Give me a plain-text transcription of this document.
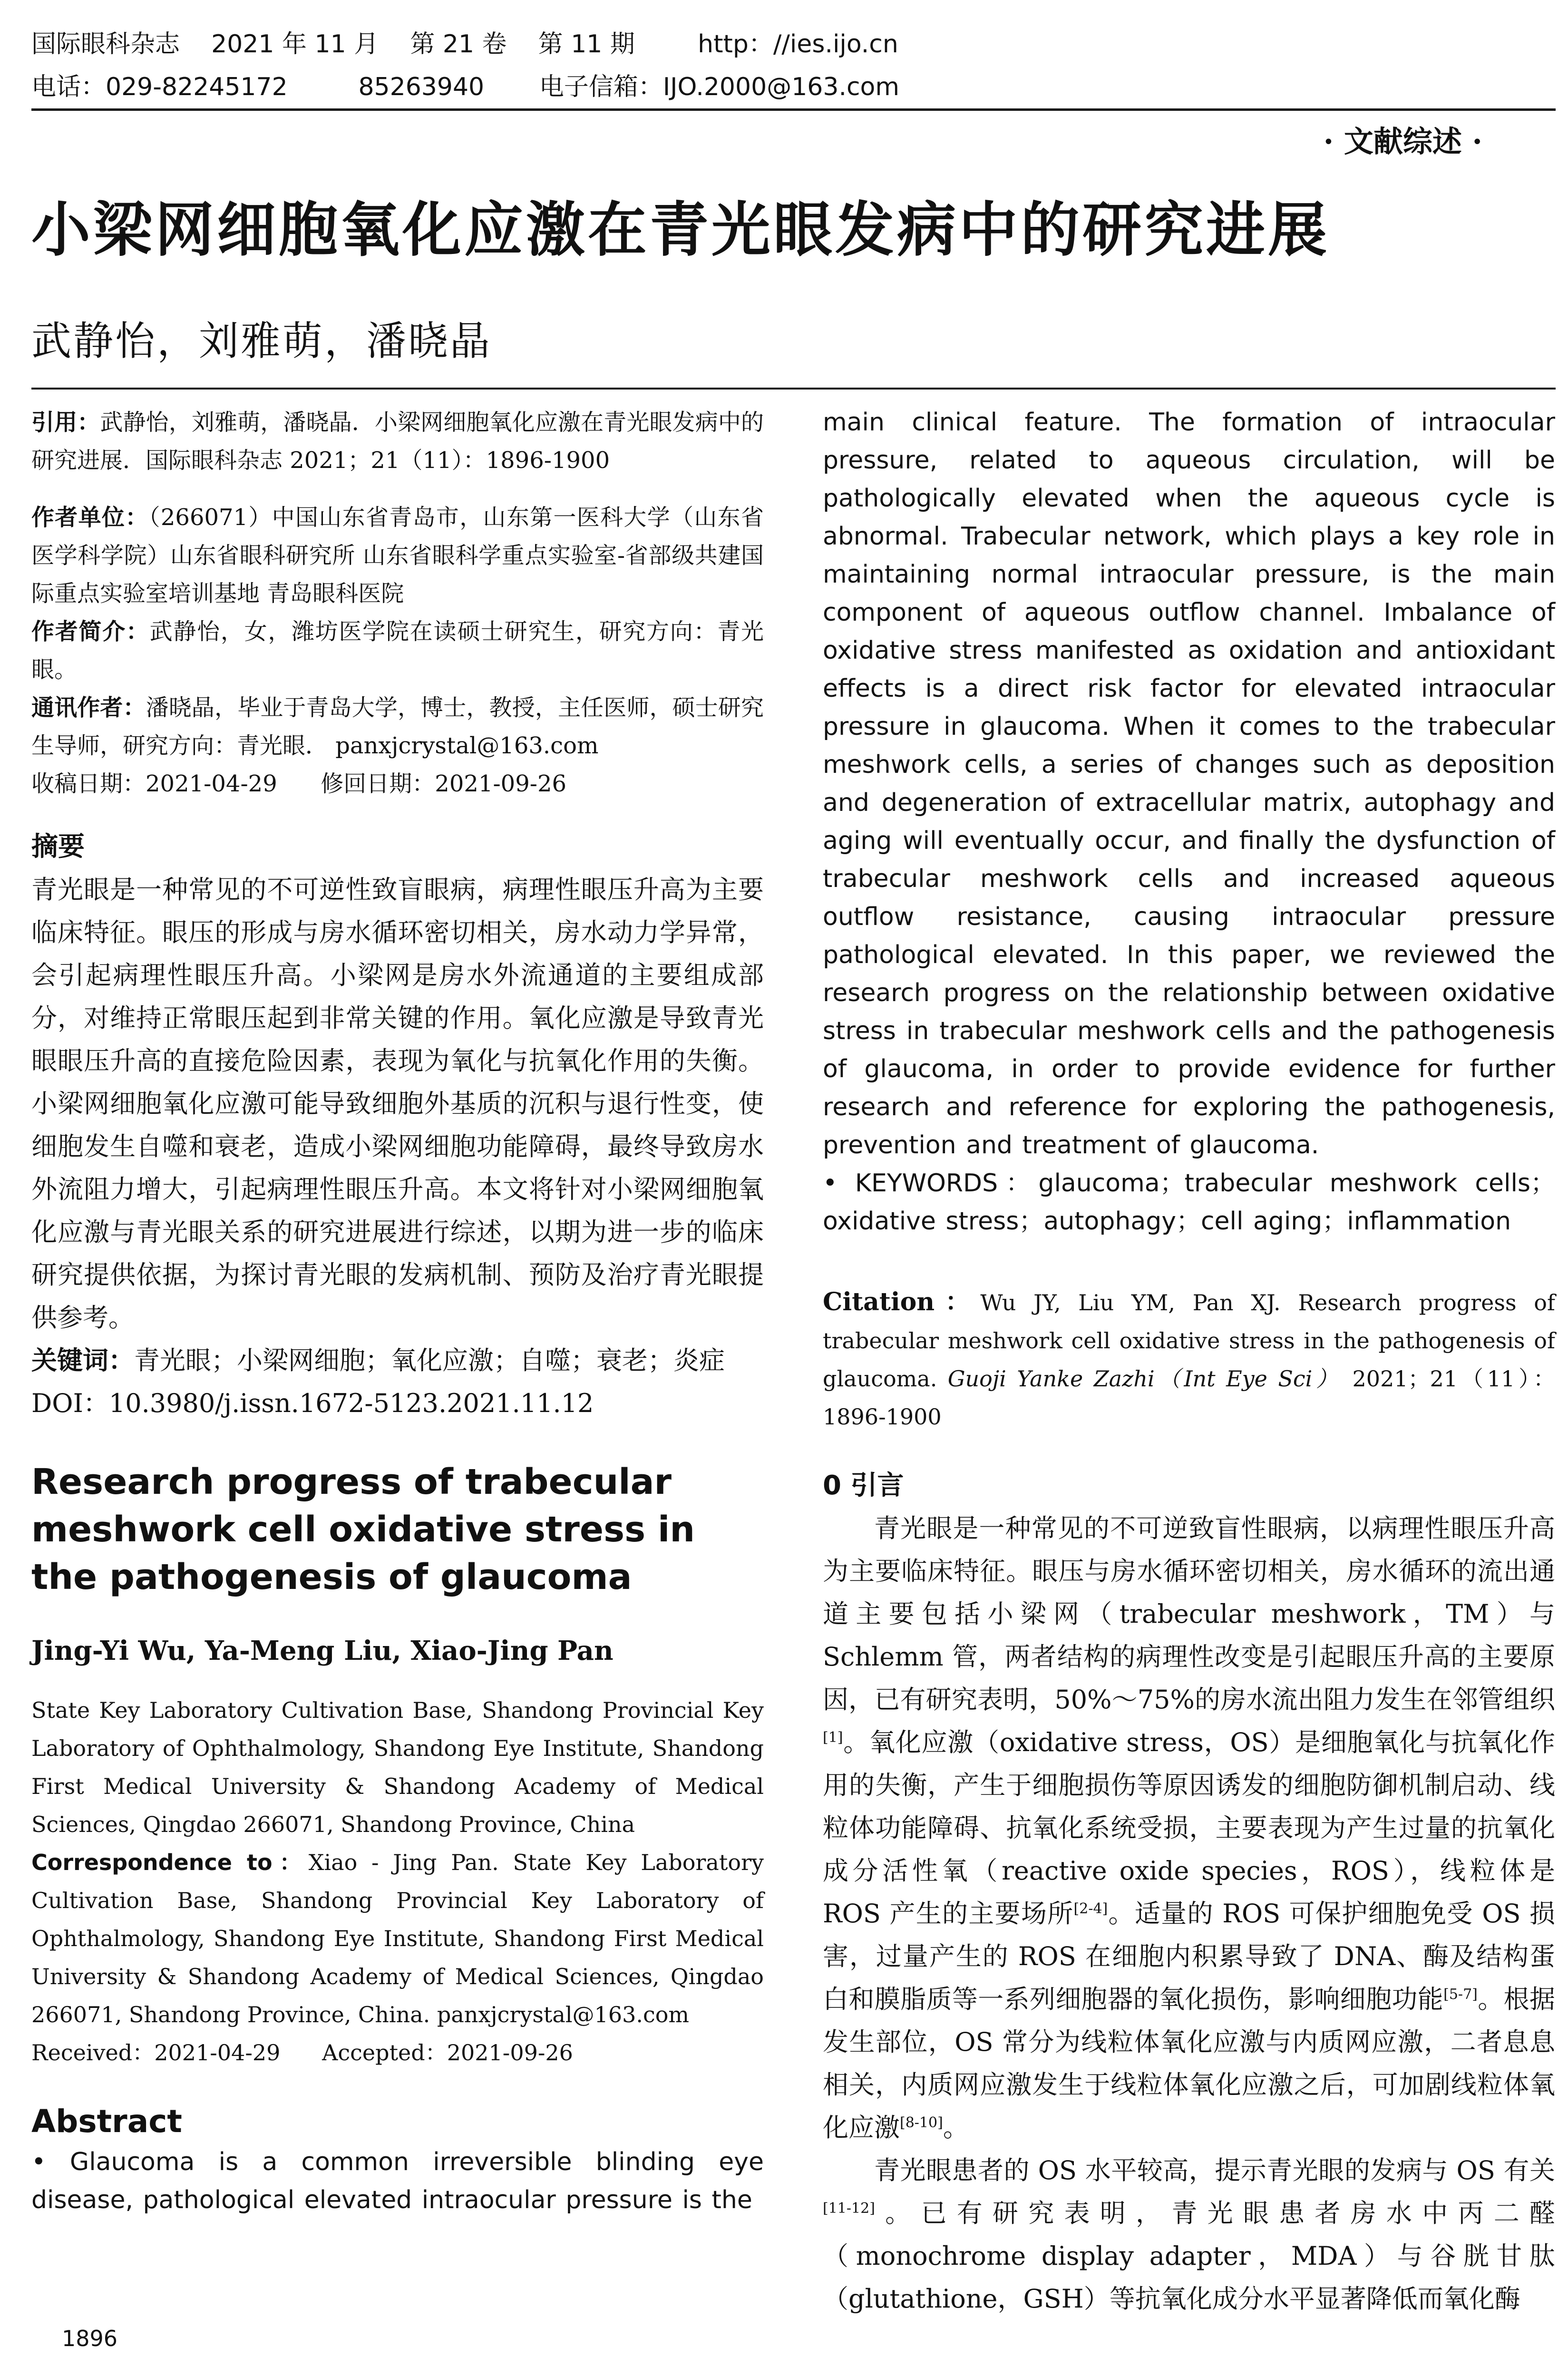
国际眼科杂志    2021 年 11 月    第 21 卷    第 11 期        http：//ies.ijo.cn
电话：029-82245172         85263940       电子信箱：IJO.2000@163.com
· 文献综述 ·
小梁网细胞氧化应激在青光眼发病中的研究进展
武静怡，刘雅萌，潘晓晶

引用：武静怡，刘雅萌，潘晓晶．小梁网细胞氧化应激在青光眼发病中的研究进展．国际眼科杂志 2021；21（11）：1896-1900

作者单位：（266071）中国山东省青岛市，山东第一医科大学（山东省医学科学院）山东省眼科研究所 山东省眼科学重点实验室-省部级共建国际重点实验室培训基地 青岛眼科医院

作者简介：武静怡，女，潍坊医学院在读硕士研究生，研究方向：青光眼。

通讯作者：潘晓晶，毕业于青岛大学，博士，教授，主任医师，硕士研究生导师，研究方向：青光眼． panxjcrystal@163.com

收稿日期：2021-04-29      修回日期：2021-09-26

摘要

青光眼是一种常见的不可逆性致盲眼病，病理性眼压升高为主要临床特征。眼压的形成与房水循环密切相关，房水动力学异常，会引起病理性眼压升高。小梁网是房水外流通道的主要组成部分，对维持正常眼压起到非常关键的作用。氧化应激是导致青光眼眼压升高的直接危险因素，表现为氧化与抗氧化作用的失衡。小梁网细胞氧化应激可能导致细胞外基质的沉积与退行性变，使细胞发生自噬和衰老，造成小梁网细胞功能障碍，最终导致房水外流阻力增大，引起病理性眼压升高。本文将针对小梁网细胞氧化应激与青光眼关系的研究进展进行综述，以期为进一步的临床研究提供依据，为探讨青光眼的发病机制、预防及治疗青光眼提供参考。

关键词：青光眼；小梁网细胞；氧化应激；自噬；衰老；炎症

DOI：10.3980/j.issn.1672-5123.2021.11.12

Research progress of trabecular meshwork cell oxidative stress in the pathogenesis of glaucoma
Jing-Yi Wu, Ya-Meng Liu, Xiao-Jing Pan

State Key Laboratory Cultivation Base, Shandong Provincial Key Laboratory of Ophthalmology, Shandong Eye Institute, Shandong First Medical University & Shandong Academy of Medical Sciences, Qingdao 266071, Shandong Province, China

Correspondence to：Xiao - Jing Pan. State Key Laboratory Cultivation Base, Shandong Provincial Key Laboratory of Ophthalmology, Shandong Eye Institute, Shandong First Medical University & Shandong Academy of Medical Sciences, Qingdao 266071, Shandong Province, China. panxjcrystal@163.com

Received：2021-04-29      Accepted：2021-09-26

Abstract

• Glaucoma is a common irreversible blinding eye disease, pathological elevated intraocular pressure is the

main clinical feature. The formation of intraocular pressure, related to aqueous circulation, will be pathologically elevated when the aqueous cycle is abnormal. Trabecular network, which plays a key role in maintaining normal intraocular pressure, is the main component of aqueous outflow channel. Imbalance of oxidative stress manifested as oxidation and antioxidant effects is a direct risk factor for elevated intraocular pressure in glaucoma. When it comes to the trabecular meshwork cells, a series of changes such as deposition and degeneration of extracellular matrix, autophagy and aging will eventually occur, and finally the dysfunction of trabecular meshwork cells and increased aqueous outflow resistance, causing intraocular pressure pathological elevated. In this paper, we reviewed the research progress on the relationship between oxidative stress in trabecular meshwork cells and the pathogenesis of glaucoma, in order to provide evidence for further research and reference for exploring the pathogenesis, prevention and treatment of glaucoma.

• KEYWORDS：glaucoma；trabecular meshwork cells；oxidative stress；autophagy；cell aging；inflammation

Citation：Wu JY, Liu YM, Pan XJ. Research progress of trabecular meshwork cell oxidative stress in the pathogenesis of glaucoma. Guoji Yanke Zazhi（Int Eye Sci） 2021；21（11）：1896-1900

0 引言

青光眼是一种常见的不可逆致盲性眼病，以病理性眼压升高为主要临床特征。眼压与房水循环密切相关，房水循环的流出通道主要包括小梁网（trabecular meshwork，TM）与 Schlemm 管，两者结构的病理性改变是引起眼压升高的主要原因，已有研究表明，50%～75%的房水流出阻力发生在邻管组织[1]。氧化应激（oxidative stress，OS）是细胞氧化与抗氧化作用的失衡，产生于细胞损伤等原因诱发的细胞防御机制启动、线粒体功能障碍、抗氧化系统受损，主要表现为产生过量的抗氧化成分活性氧（reactive oxide species，ROS），线粒体是 ROS 产生的主要场所[2-4]。适量的 ROS 可保护细胞免受 OS 损害，过量产生的 ROS 在细胞内积累导致了 DNA、酶及结构蛋白和膜脂质等一系列细胞器的氧化损伤，影响细胞功能[5-7]。根据发生部位，OS 常分为线粒体氧化应激与内质网应激，二者息息相关，内质网应激发生于线粒体氧化应激之后，可加剧线粒体氧化应激[8-10]。

青光眼患者的 OS 水平较高，提示青光眼的发病与 OS 有关[11-12]。已有研究表明，青光眼患者房水中丙二醛（monochrome display adapter，MDA）与谷胱甘肽（glutathione，GSH）等抗氧化成分水平显著降低而氧化酶

1896
